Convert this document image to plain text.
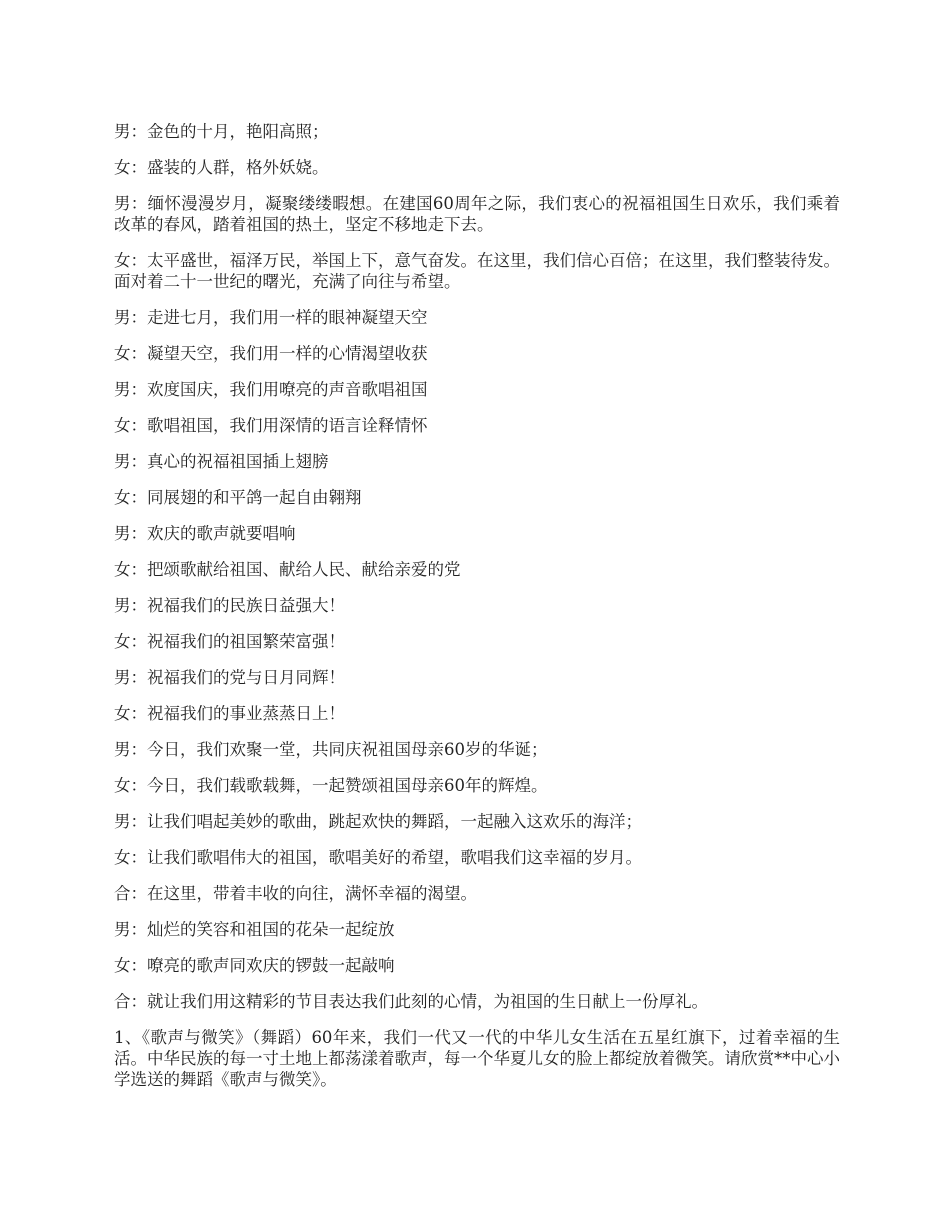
男：金色的十月，艳阳高照；

女：盛装的人群，格外妖娆。

男：缅怀漫漫岁月，凝聚缕缕暇想。在建国60周年之际，我们衷心的祝福祖国生日欢乐，我们乘着改革的春风，踏着祖国的热土，坚定不移地走下去。

女：太平盛世，福泽万民，举国上下，意气奋发。在这里，我们信心百倍；在这里，我们整装待发。面对着二十一世纪的曙光，充满了向往与希望。

男：走进七月，我们用一样的眼神凝望天空

女：凝望天空，我们用一样的心情渴望收获

男：欢度国庆，我们用嘹亮的声音歌唱祖国

女：歌唱祖国，我们用深情的语言诠释情怀

男：真心的祝福祖国插上翅膀

女：同展翅的和平鸽一起自由翱翔

男：欢庆的歌声就要唱响

女：把颂歌献给祖国、献给人民、献给亲爱的党

男：祝福我们的民族日益强大！

女：祝福我们的祖国繁荣富强！

男：祝福我们的党与日月同辉！

女：祝福我们的事业蒸蒸日上！

男：今日，我们欢聚一堂，共同庆祝祖国母亲60岁的华诞；

女：今日，我们载歌载舞，一起赞颂祖国母亲60年的辉煌。

男：让我们唱起美妙的歌曲，跳起欢快的舞蹈，一起融入这欢乐的海洋；

女：让我们歌唱伟大的祖国，歌唱美好的希望，歌唱我们这幸福的岁月。

合：在这里，带着丰收的向往，满怀幸福的渴望。

男：灿烂的笑容和祖国的花朵一起绽放

女：嘹亮的歌声同欢庆的锣鼓一起敲响

合：就让我们用这精彩的节目表达我们此刻的心情，为祖国的生日献上一份厚礼。

1、《歌声与微笑》（舞蹈）60年来，我们一代又一代的中华儿女生活在五星红旗下，过着幸福的生活。中华民族的每一寸土地上都荡漾着歌声，每一个华夏儿女的脸上都绽放着微笑。请欣赏**中心小学选送的舞蹈《歌声与微笑》。
